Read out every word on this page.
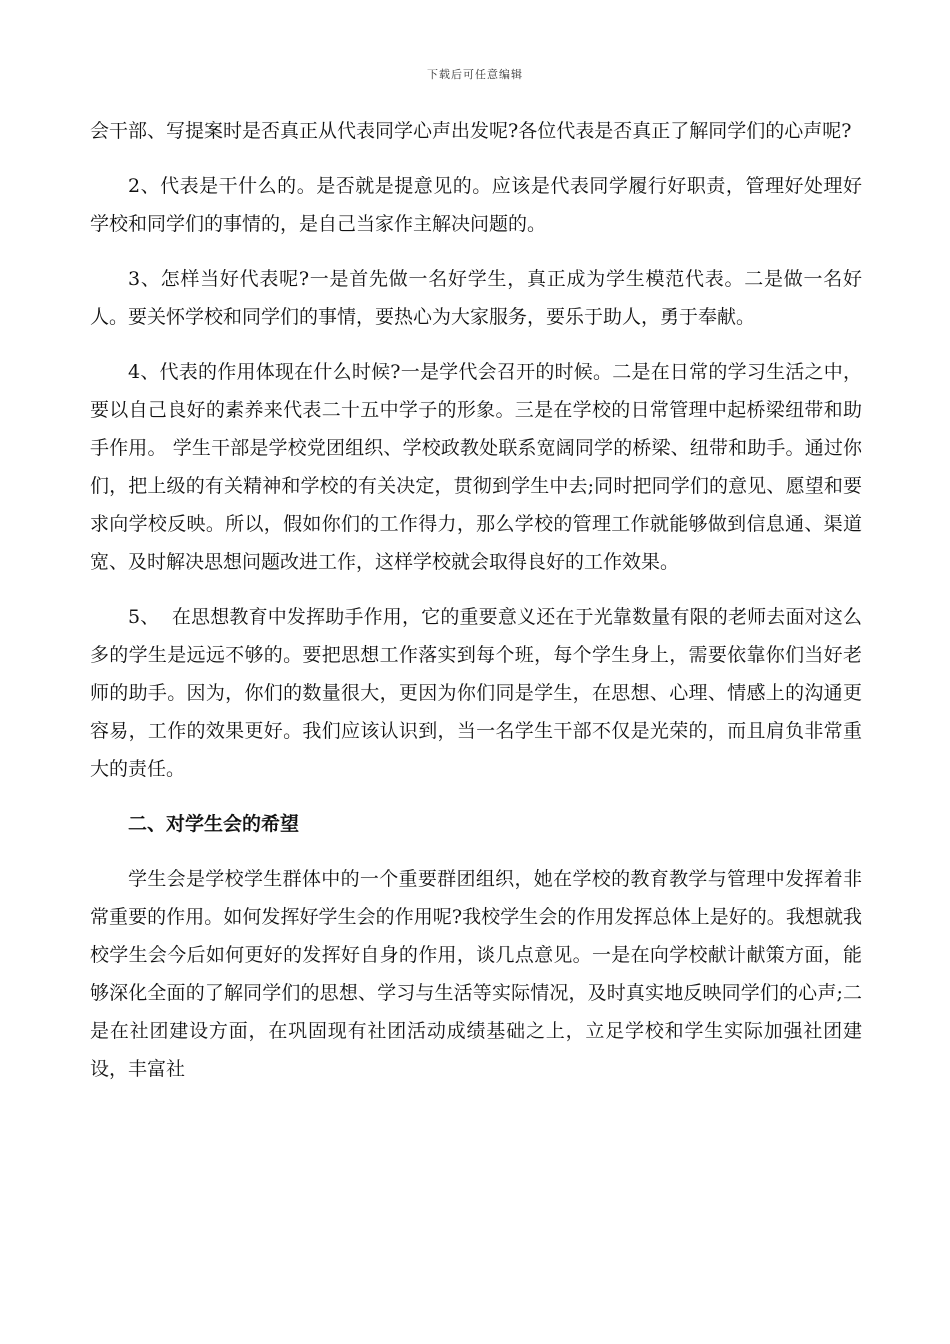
下载后可任意编辑

会干部、写提案时是否真正从代表同学心声出发呢?各位代表是否真正了解同学们的心声呢?

2、代表是干什么的。是否就是提意见的。应该是代表同学履行好职责，管理好处理好学校和同学们的事情的，是自己当家作主解决问题的。

3、怎样当好代表呢?一是首先做一名好学生，真正成为学生模范代表。二是做一名好人。要关怀学校和同学们的事情，要热心为大家服务，要乐于助人，勇于奉献。

4、代表的作用体现在什么时候?一是学代会召开的时候。二是在日常的学习生活之中，要以自己良好的素养来代表二十五中学子的形象。三是在学校的日常管理中起桥梁纽带和助手作用。 学生干部是学校党团组织、学校政教处联系宽阔同学的桥梁、纽带和助手。通过你们，把上级的有关精神和学校的有关决定，贯彻到学生中去;同时把同学们的意见、愿望和要求向学校反映。所以，假如你们的工作得力，那么学校的管理工作就能够做到信息通、渠道宽、及时解决思想问题改进工作，这样学校就会取得良好的工作效果。

5、  在思想教育中发挥助手作用，它的重要意义还在于光靠数量有限的老师去面对这么多的学生是远远不够的。要把思想工作落实到每个班，每个学生身上，需要依靠你们当好老师的助手。因为，你们的数量很大，更因为你们同是学生，在思想、心理、情感上的沟通更容易，工作的效果更好。我们应该认识到，当一名学生干部不仅是光荣的，而且肩负非常重大的责任。

二、对学生会的希望

学生会是学校学生群体中的一个重要群团组织，她在学校的教育教学与管理中发挥着非常重要的作用。如何发挥好学生会的作用呢?我校学生会的作用发挥总体上是好的。我想就我校学生会今后如何更好的发挥好自身的作用，谈几点意见。一是在向学校献计献策方面，能够深化全面的了解同学们的思想、学习与生活等实际情况，及时真实地反映同学们的心声;二是在社团建设方面，在巩固现有社团活动成绩基础之上，立足学校和学生实际加强社团建设，丰富社
